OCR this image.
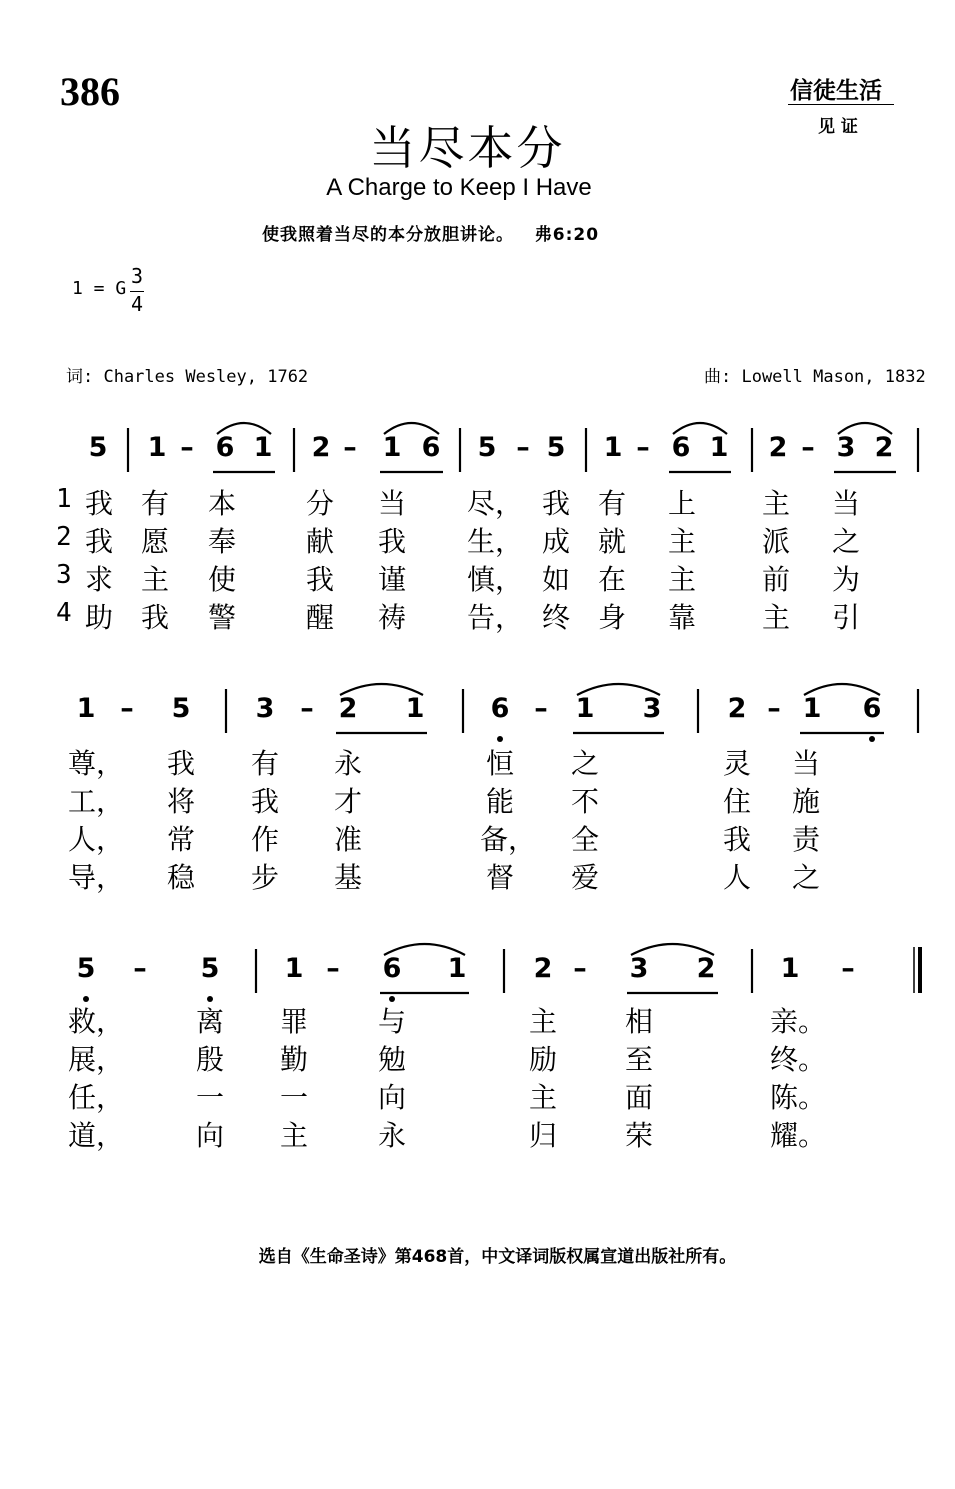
386	信徒生活
见 证
当尽本分
A Charge to Keep I Have
使我照着当尽的本分放胆讲论。   弗6:20
1 = G
3
4
词: Charles Wesley, 1762	曲: Lowell Mason, 1832
5	1 – 6 1	2 – 1 6	5 – 5	1 – 6 1	2 – 3 2
1 我 有 本 分 当 尽， 我 有 上 主 当
2 我 愿 奉 献 我 生， 成 就 主 派 之
3 求 主 使 我 谨 慎， 如 在 主 前 为
4 助 我 警 醒 祷 告， 终 身 靠 主 引
1 –	5	3 – 2	1	6 –	1	3	2 – 1	6
尊， 我 有 永	恒 之	灵 当
工， 将 我 才	能 不	住 施
人， 常 作 准	备， 全	我 责
导， 稳 步 基	督 爱	人 之
5	–	5	1 –	6	1	2 –	3	2	1	–
救，	离 罪 与	主 相	亲。
展，	殷 勤 勉	励 至	终。
任，	一 一 向	主 面	陈。
道，	向 主 永	归 荣	耀。
选自《生命圣诗》第468首，中文译词版权属宣道出版社所有。
